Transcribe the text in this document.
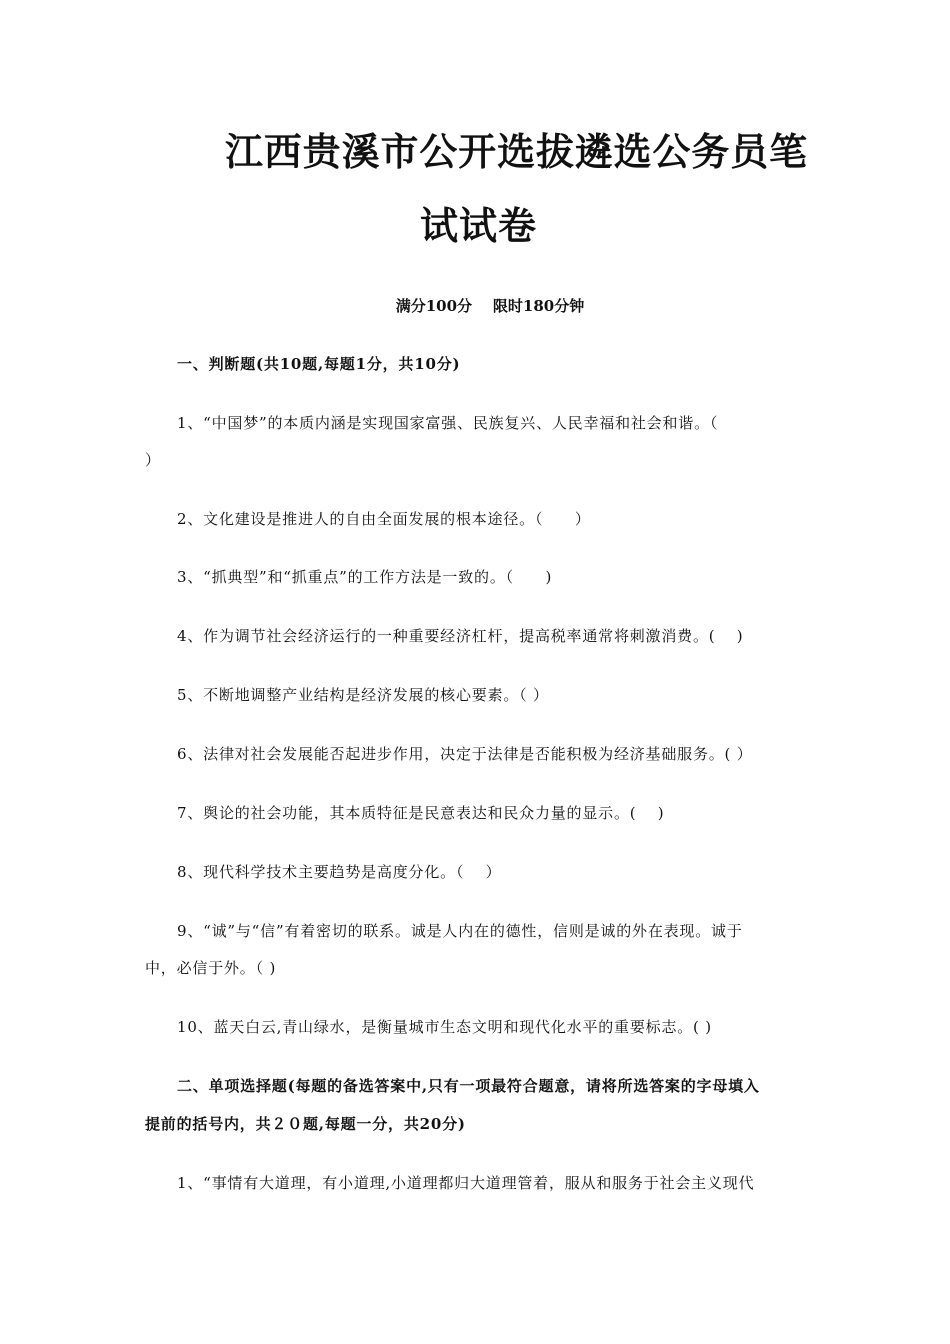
江西贵溪市公开选拔遴选公务员笔
试试卷
满分100分    限时180分钟
一、判断题(共10题,每题1分，共10分)
1、“中国梦”的本质内涵是实现国家富强、民族复兴、人民幸福和社会和谐。（
）
2、文化建设是推进人的自由全面发展的根本途径。（　　）
3、“抓典型”和“抓重点”的工作方法是一致的。（　　)
4、作为调节社会经济运行的一种重要经济杠杆，提高税率通常将刺激消费。(　 )
5、不断地调整产业结构是经济发展的核心要素。（ ）
6、法律对社会发展能否起进步作用，决定于法律是否能积极为经济基础服务。( ）
7、舆论的社会功能，其本质特征是民意表达和民众力量的显示。(　 )
8、现代科学技术主要趋势是高度分化。（　 ）
9、“诚”与“信”有着密切的联系。诚是人内在的德性，信则是诚的外在表现。诚于
中，必信于外。（ )
10、蓝天白云,青山绿水，是衡量城市生态文明和现代化水平的重要标志。( )
二、单项选择题(每题的备选答案中,只有一项最符合题意，请将所选答案的字母填入
提前的括号内，共２０题,每题一分，共20分)
1、“事情有大道理，有小道理,小道理都归大道理管着，服从和服务于社会主义现代
